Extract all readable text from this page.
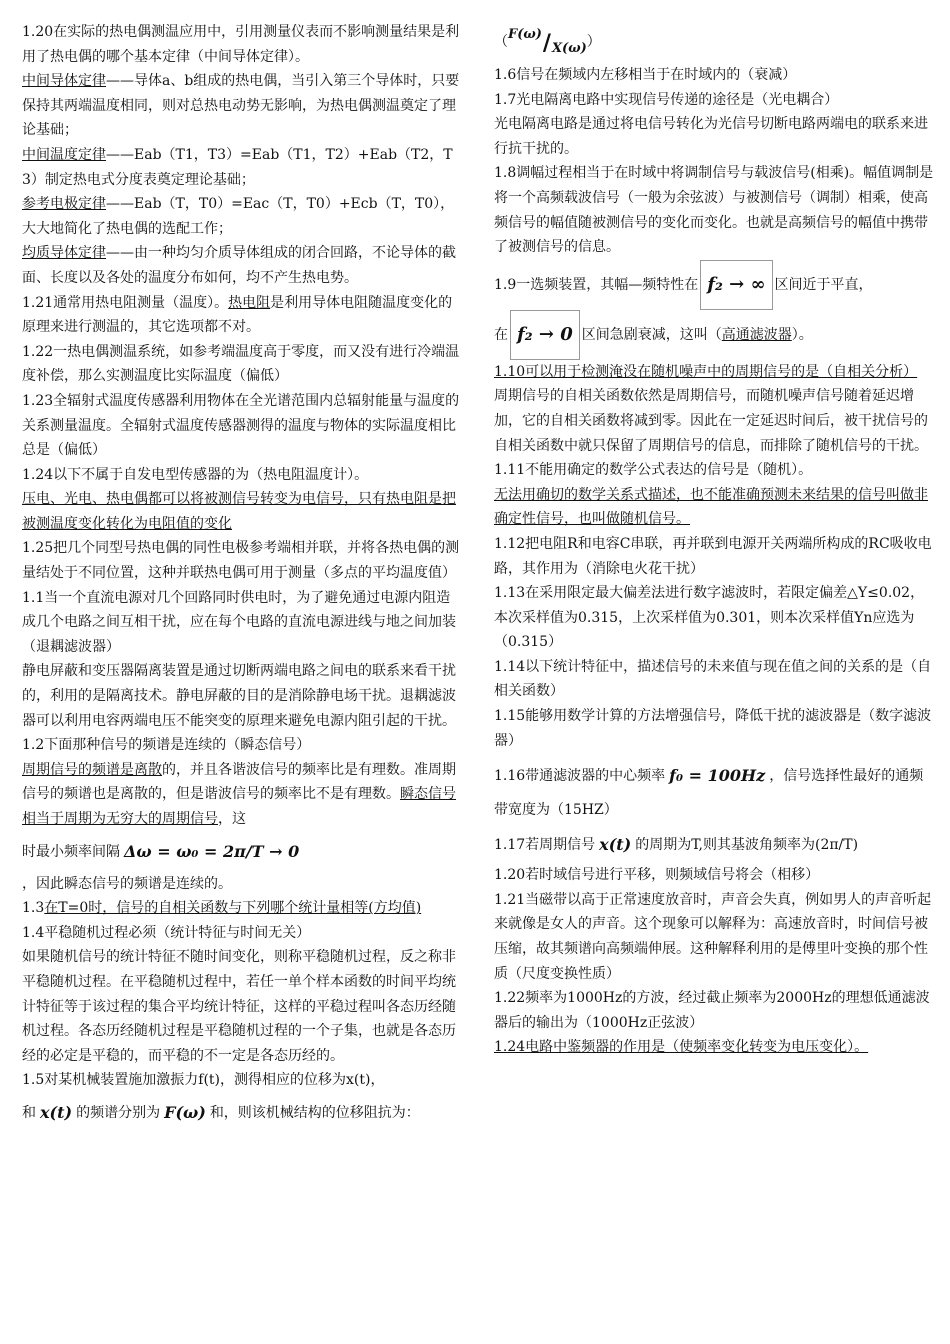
1.20在实际的热电偶测温应用中，引用测量仪表而不影响测量结果是利用了热电偶的哪个基本定律（中间导体定律）。

中间导体定律——导体a、b组成的热电偶，当引入第三个导体时，只要保持其两端温度相同，则对总热电动势无影响，为热电偶测温奠定了理论基础；

中间温度定律——Eab（T1，T3）=Eab（T1，T2）+Eab（T2，T3）制定热电式分度表奠定理论基础；

参考电极定律——Eab（T，T0）=Eac（T，T0）+Ecb（T，T0），大大地简化了热电偶的选配工作；

均质导体定律——由一种均匀介质导体组成的闭合回路，不论导体的截面、长度以及各处的温度分布如何，均不产生热电势。

1.21通常用热电阻测量（温度）。热电阻是利用导体电阻随温度变化的原理来进行测温的，其它选项都不对。

1.22一热电偶测温系统，如参考端温度高于零度，而又没有进行冷端温度补偿，那么实测温度比实际温度（偏低）

1.23全辐射式温度传感器利用物体在全光谱范围内总辐射能量与温度的关系测量温度。全辐射式温度传感器测得的温度与物体的实际温度相比总是（偏低）

1.24以下不属于自发电型传感器的为（热电阻温度计）。

压电、光电、热电偶都可以将被测信号转变为电信号，只有热电阻是把被测温度变化转化为电阻值的变化

1.25把几个同型号热电偶的同性电极参考端相并联，并将各热电偶的测量结处于不同位置，这种并联热电偶可用于测量（多点的平均温度值）

1.1当一个直流电源对几个回路同时供电时，为了避免通过电源内阻造成几个电路之间互相干扰，应在每个电路的直流电源进线与地之间加装（退耦滤波器）

静电屏蔽和变压器隔离装置是通过切断两端电路之间电的联系来看干扰的，利用的是隔离技术。静电屏蔽的目的是消除静电场干扰。退耦滤波器可以利用电容两端电压不能突变的原理来避免电源内阻引起的干扰。

1.2下面那种信号的频谱是连续的（瞬态信号）

周期信号的频谱是离散的，并且各谐波信号的频率比是有理数。准周期信号的频谱也是离散的，但是谐波信号的频率比不是有理数。瞬态信号相当于周期为无穷大的周期信号，这

时最小频率间隔 Δω = ω₀ = 2π/T → 0

，因此瞬态信号的频谱是连续的。

1.3在T=0时，信号的自相关函数与下列哪个统计量相等(方均值)

1.4平稳随机过程必须（统计特征与时间无关）

如果随机信号的统计特征不随时间变化，则称平稳随机过程，反之称非平稳随机过程。在平稳随机过程中，若任一单个样本函数的时间平均统计特征等于该过程的集合平均统计特征，这样的平稳过程叫各态历经随机过程。各态历经随机过程是平稳随机过程的一个子集，也就是各态历经的必定是平稳的，而平稳的不一定是各态历经的。

1.5对某机械装置施加激振力f(t)，测得相应的位移为x(t)，

和 x(t) 的频谱分别为 F(ω) 和，则该机械结构的位移阻抗为：

（ F(ω) / X(ω) ）

1.6信号在频域内左移相当于在时域内的（衰减）

1.7光电隔离电路中实现信号传递的途径是（光电耦合）

光电隔离电路是通过将电信号转化为光信号切断电路两端电的联系来进行抗干扰的。

1.8调幅过程相当于在时域中将调制信号与载波信号(相乘)。幅值调制是将一个高频载波信号（一般为余弦波）与被测信号（调制）相乘，使高频信号的幅值随被测信号的变化而变化。也就是高频信号的幅值中携带了被测信号的信息。

1.9一选频装置，其幅—频特性在 f₂ → ∞ 区间近于平直，

在 f₂ → 0 区间急剧衰减，这叫（高通滤波器）。

1.10可以用于检测淹没在随机噪声中的周期信号的是（自相关分析）

周期信号的自相关函数依然是周期信号，而随机噪声信号随着延迟增加，它的自相关函数将减到零。因此在一定延迟时间后，被干扰信号的自相关函数中就只保留了周期信号的信息，而排除了随机信号的干扰。

1.11不能用确定的数学公式表达的信号是（随机）。

无法用确切的数学关系式描述，也不能准确预测未来结果的信号叫做非确定性信号，也叫做随机信号。

1.12把电阻R和电容C串联，再并联到电源开关两端所构成的RC吸收电路，其作用为（消除电火花干扰）

1.13在采用限定最大偏差法进行数字滤波时，若限定偏差△Y≤0.02，本次采样值为0.315，上次采样值为0.301，则本次采样值Yn应选为（0.315）

1.14以下统计特征中，描述信号的未来值与现在值之间的关系的是（自相关函数）

1.15能够用数学计算的方法增强信号，降低干扰的滤波器是（数字滤波器）

1.16带通滤波器的中心频率 f₀ = 100Hz ，信号选择性最好的通频带宽度为（15HZ）

1.17若周期信号 x(t) 的周期为T,则其基波角频率为(2π/T)

1.20若时域信号进行平移，则频域信号将会（相移）

1.21当磁带以高于正常速度放音时，声音会失真，例如男人的声音听起来就像是女人的声音。这个现象可以解释为：高速放音时，时间信号被压缩，故其频谱向高频端伸展。这种解释利用的是傅里叶变换的那个性质（尺度变换性质）

1.22频率为1000Hz的方波，经过截止频率为2000Hz的理想低通滤波器后的输出为（1000Hz正弦波）

1.24电路中鉴频器的作用是（使频率变化转变为电压变化）。
